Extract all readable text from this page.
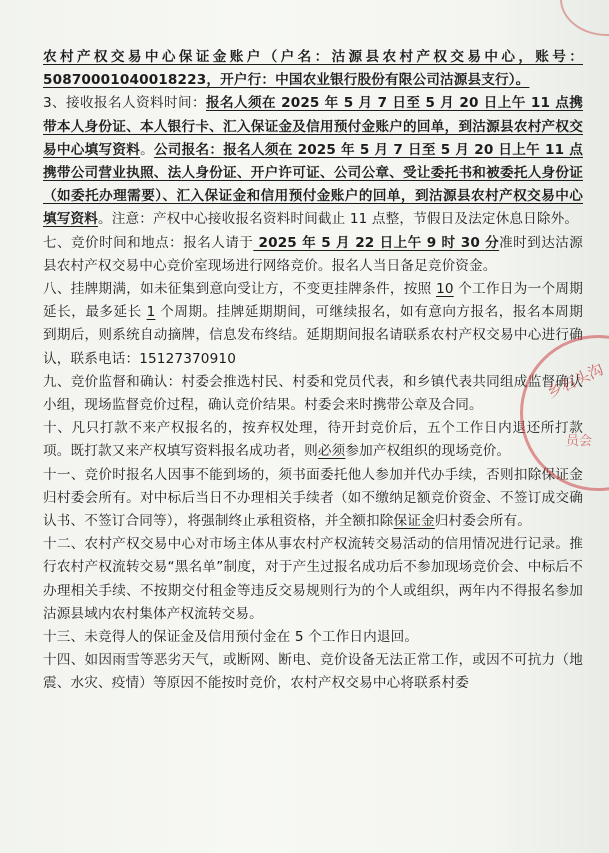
农村产权交易中心保证金账户（户名：沽源县农村产权交易中心，账号：50870001040018223，开户行：中国农业银行股份有限公司沽源县支行）。

3、接收报名人资料时间：报名人须在 2025 年 5 月 7 日至 5 月 20 日上午 11 点携带本人身份证、本人银行卡、汇入保证金及信用预付金账户的回单，到沽源县农村产权交易中心填写资料。公司报名：报名人须在 2025 年 5 月 7 日至 5 月 20 日上午 11 点携带公司营业执照、法人身份证、开户许可证、公司公章、受让委托书和被委托人身份证（如委托办理需要）、汇入保证金和信用预付金账户的回单，到沽源县农村产权交易中心填写资料。注意：产权中心接收报名资料时间截止 11 点整，节假日及法定休息日除外。

七、竞价时间和地点：报名人请于 2025 年 5 月 22 日上午 9 时 30 分准时到达沽源县农村产权交易中心竞价室现场进行网络竞价。报名人当日备足竞价资金。

八、挂牌期满，如未征集到意向受让方，不变更挂牌条件，按照 10 个工作日为一个周期延长，最多延长 1 个周期。挂牌延期期间，可继续报名，如有意向方报名，报名本周期到期后，则系统自动摘牌，信息发布终结。延期期间报名请联系农村产权交易中心进行确认，联系电话：15127370910

九、竞价监督和确认：村委会推选村民、村委和党员代表，和乡镇代表共同组成监督确认小组，现场监督竞价过程，确认竞价结果。村委会来时携带公章及合同。

十、凡只打款不来产权报名的，按弃权处理，待开封竞价后，五个工作日内退还所打款项。既打款又来产权填写资料报名成功者，则必须参加产权组织的现场竞价。

十一、竞价时报名人因事不能到场的，须书面委托他人参加并代办手续，否则扣除保证金归村委会所有。对中标后当日不办理相关手续者（如不缴纳足额竞价资金、不签订成交确认书、不签订合同等），将强制终止承租资格，并全额扣除保证金归村委会所有。

十二、农村产权交易中心对市场主体从事农村产权流转交易活动的信用情况进行记录。推行农村产权流转交易“黑名单”制度，对于产生过报名成功后不参加现场竞价会、中标后不办理相关手续、不按期交付租金等违反交易规则行为的个人或组织，两年内不得报名参加沽源县域内农村集体产权流转交易。

十三、未竞得人的保证金及信用预付金在 5 个工作日内退回。

十四、如因雨雪等恶劣天气，或断网、断电、竞价设备无法正常工作，或因不可抗力（地震、水灾、疫情）等原因不能按时竞价，农村产权交易中心将联系村委

乡石头沟
员会
